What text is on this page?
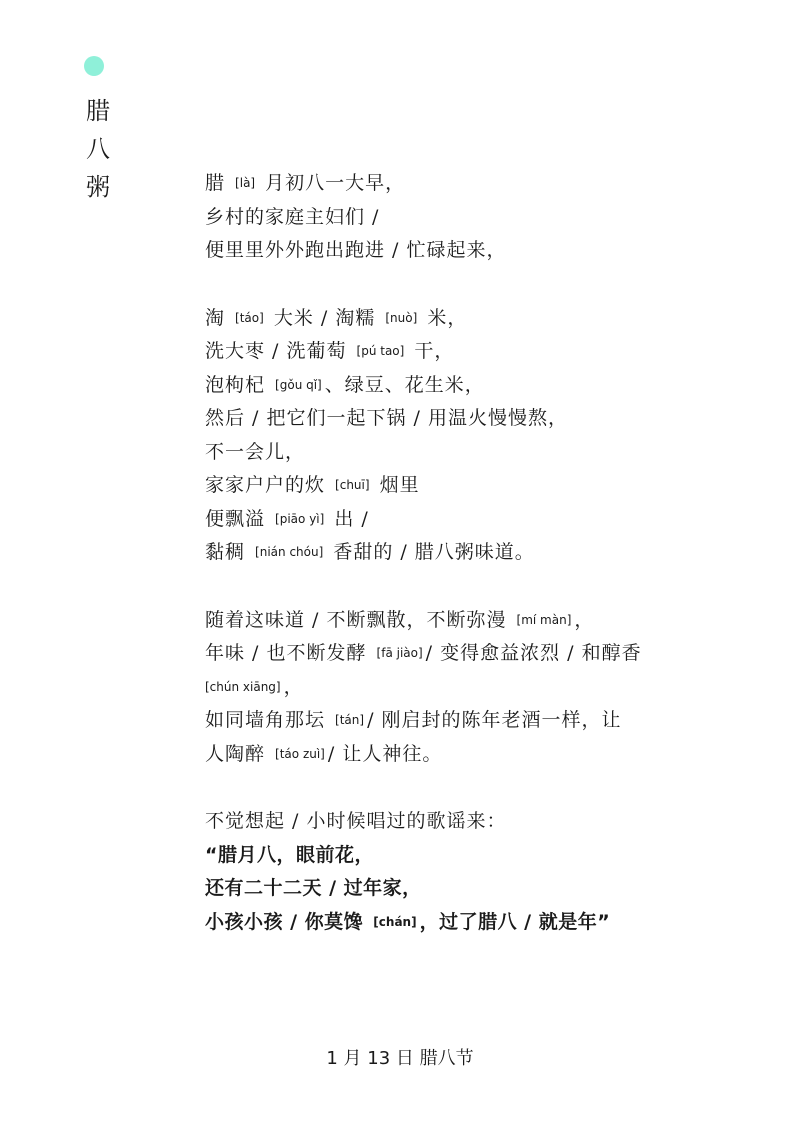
腊
八
粥	腊 [là] 月初八一大早，
乡村的家庭主妇们 /
便里里外外跑出跑进 / 忙碌起来，
淘 [táo] 大米 / 淘糯 [nuò] 米，
洗大枣 / 洗葡萄 [pú tao] 干，
泡枸杞 [gǒu qǐ] 、绿豆、花生米，
然后 / 把它们一起下锅 / 用温火慢慢熬，
不一会儿，
家家户户的炊 [chuī] 烟里
便飘溢 [piāo yì] 出 /
黏稠 [nián chóu] 香甜的 / 腊八粥味道。
随着这味道 / 不断飘散，不断弥漫 [mí màn] ，
年味 / 也不断发酵 [fā jiào] / 变得愈益浓烈 / 和醇香
[chún xiāng] ，
如同墙角那坛 [tán] / 刚启封的陈年老酒一样，让
人陶醉 [táo zuì] / 让人神往。
不觉想起 / 小时候唱过的歌谣来：
“腊月八，眼前花，
还有二十二天 / 过年家，
小孩小孩 / 你莫馋 [chán] ，过了腊八 / 就是年”
1 月 13 日 腊八节
